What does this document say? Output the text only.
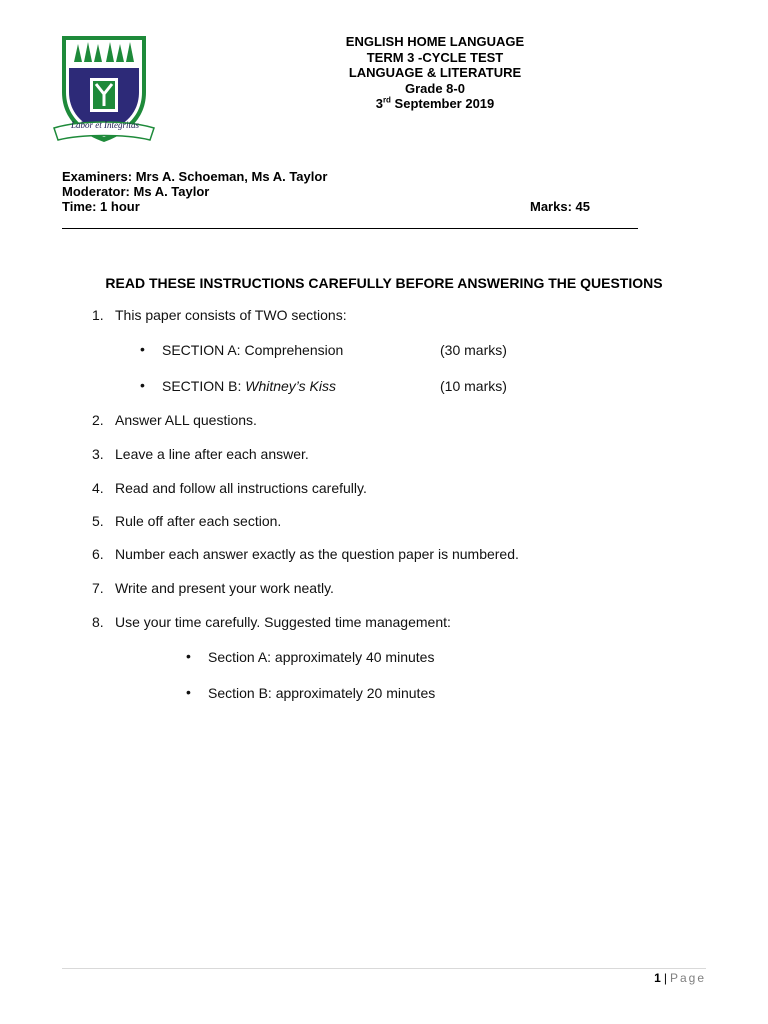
Labor et Integritas
ENGLISH HOME LANGUAGE
TERM 3 -CYCLE TEST
LANGUAGE & LITERATURE
Grade 8-0
3rd September 2019
Examiners: Mrs A. Schoeman, Ms A. Taylor
Moderator: Ms A. Taylor
Time: 1 hour	Marks: 45
READ THESE INSTRUCTIONS CAREFULLY BEFORE ANSWERING THE QUESTIONS
1. This paper consists of TWO sections:
• SECTION A: Comprehension	(30 marks)
• SECTION B: Whitney’s Kiss	(10 marks)
2. Answer ALL questions.
3. Leave a line after each answer.
4. Read and follow all instructions carefully.
5. Rule off after each section.
6. Number each answer exactly as the question paper is numbered.
7. Write and present your work neatly.
8. Use your time carefully. Suggested time management:
• Section A: approximately 40 minutes
• Section B: approximately 20 minutes
1 | Page
